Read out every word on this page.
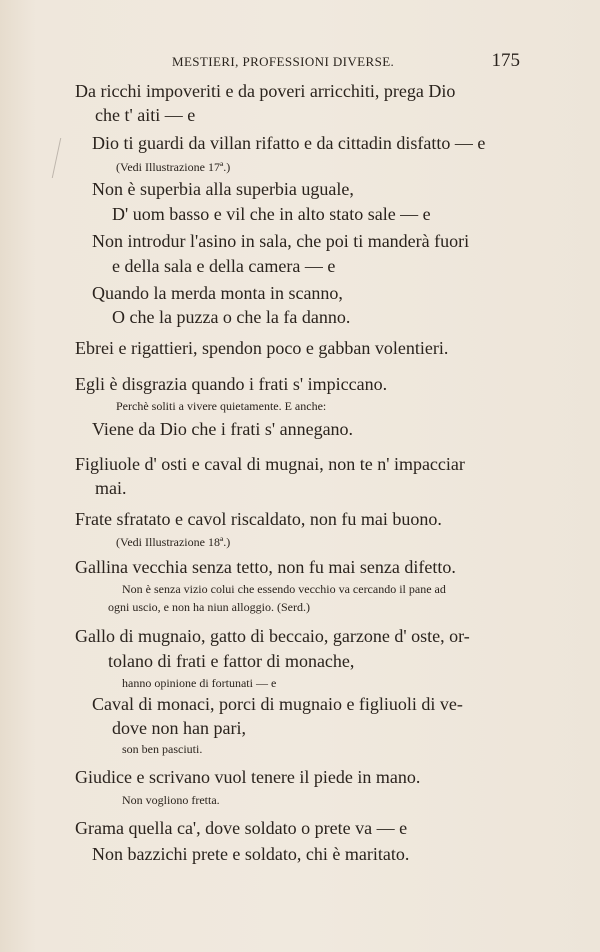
MESTIERI, PROFESSIONI DIVERSE.	175
Da ricchi impoveriti e da poveri arricchiti, prega Dio
che t' aiti — e
Dio ti guardi da villan rifatto e da cittadin disfatto — e
(Vedi Illustrazione 17ª.)
Non è superbia alla superbia uguale,
D' uom basso e vil che in alto stato sale — e
Non introdur l'asino in sala, che poi ti manderà fuori
e della sala e della camera — e
Quando la merda monta in scanno,
O che la puzza o che la fa danno.
Ebrei e rigattieri, spendon poco e gabban volentieri.
Egli è disgrazia quando i frati s' impiccano.
Perchè soliti a vivere quietamente. E anche:
Viene da Dio che i frati s' annegano.
Figliuole d' osti e caval di mugnai, non te n' impacciar
mai.
Frate sfratato e cavol riscaldato, non fu mai buono.
(Vedi Illustrazione 18ª.)
Gallina vecchia senza tetto, non fu mai senza difetto.
Non è senza vizio colui che essendo vecchio va cercando il pane ad
ogni uscio, e non ha niun alloggio. (Serd.)
Gallo di mugnaio, gatto di beccaio, garzone d' oste, or-
tolano di frati e fattor di monache,
hanno opinione di fortunati — e
Caval di monaci, porci di mugnaio e figliuoli di ve-
dove non han pari,
son ben pasciuti.
Giudice e scrivano vuol tenere il piede in mano.
Non vogliono fretta.
Grama quella ca', dove soldato o prete va — e
Non bazzichi prete e soldato, chi è maritato.
